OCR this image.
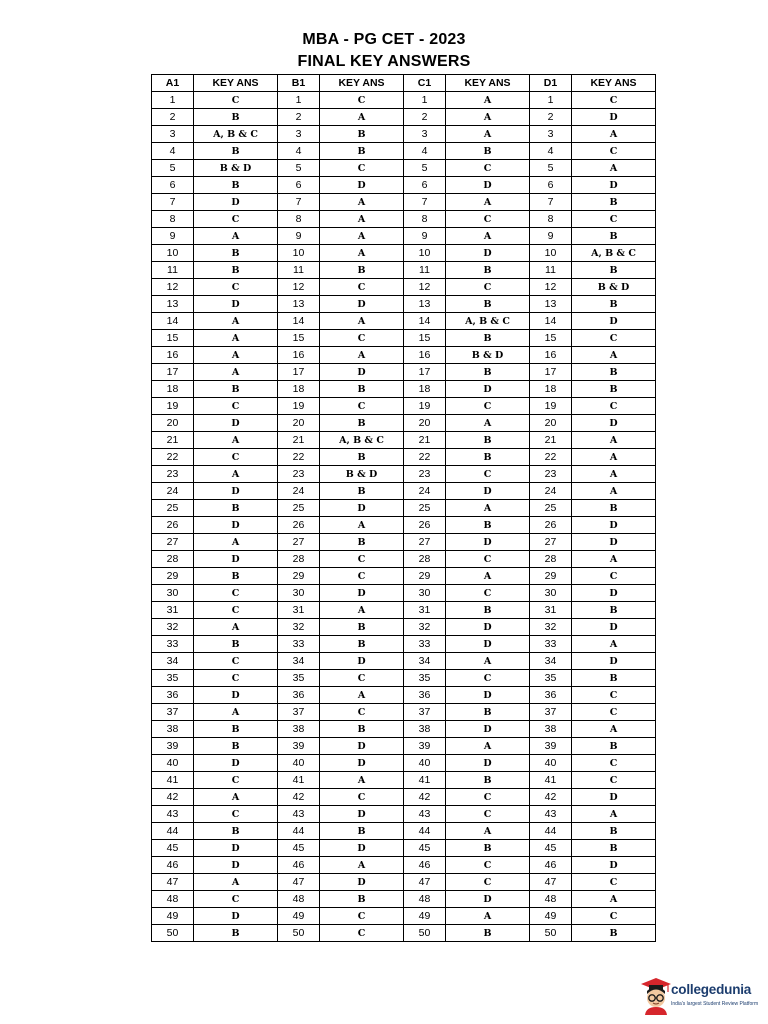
MBA - PG CET - 2023
FINAL KEY ANSWERS
A1	KEY ANS	B1	KEY ANS	C1	KEY ANS	D1	KEY ANS
1	C	1	C	1	A	1	C
2	B	2	A	2	A	2	D
3	A, B & C	3	B	3	A	3	A
4	B	4	B	4	B	4	C
5	B & D	5	C	5	C	5	A
6	B	6	D	6	D	6	D
7	D	7	A	7	A	7	B
8	C	8	A	8	C	8	C
9	A	9	A	9	A	9	B
10	B	10	A	10	D	10	A, B & C
11	B	11	B	11	B	11	B
12	C	12	C	12	C	12	B & D
13	D	13	D	13	B	13	B
14	A	14	A	14	A, B & C	14	D
15	A	15	C	15	B	15	C
16	A	16	A	16	B & D	16	A
17	A	17	D	17	B	17	B
18	B	18	B	18	D	18	B
19	C	19	C	19	C	19	C
20	D	20	B	20	A	20	D
21	A	21	A, B & C	21	B	21	A
22	C	22	B	22	B	22	A
23	A	23	B & D	23	C	23	A
24	D	24	B	24	D	24	A
25	B	25	D	25	A	25	B
26	D	26	A	26	B	26	D
27	A	27	B	27	D	27	D
28	D	28	C	28	C	28	A
29	B	29	C	29	A	29	C
30	C	30	D	30	C	30	D
31	C	31	A	31	B	31	B
32	A	32	B	32	D	32	D
33	B	33	B	33	D	33	A
34	C	34	D	34	A	34	D
35	C	35	C	35	C	35	B
36	D	36	A	36	D	36	C
37	A	37	C	37	B	37	C
38	B	38	B	38	D	38	A
39	B	39	D	39	A	39	B
40	D	40	D	40	D	40	C
41	C	41	A	41	B	41	C
42	A	42	C	42	C	42	D
43	C	43	D	43	C	43	A
44	B	44	B	44	A	44	B
45	D	45	D	45	B	45	B
46	D	46	A	46	C	46	D
47	A	47	D	47	C	47	C
48	C	48	B	48	D	48	A
49	D	49	C	49	A	49	C
50	B	50	C	50	B	50	B
collegedunia
India's largest Student Review Platform
